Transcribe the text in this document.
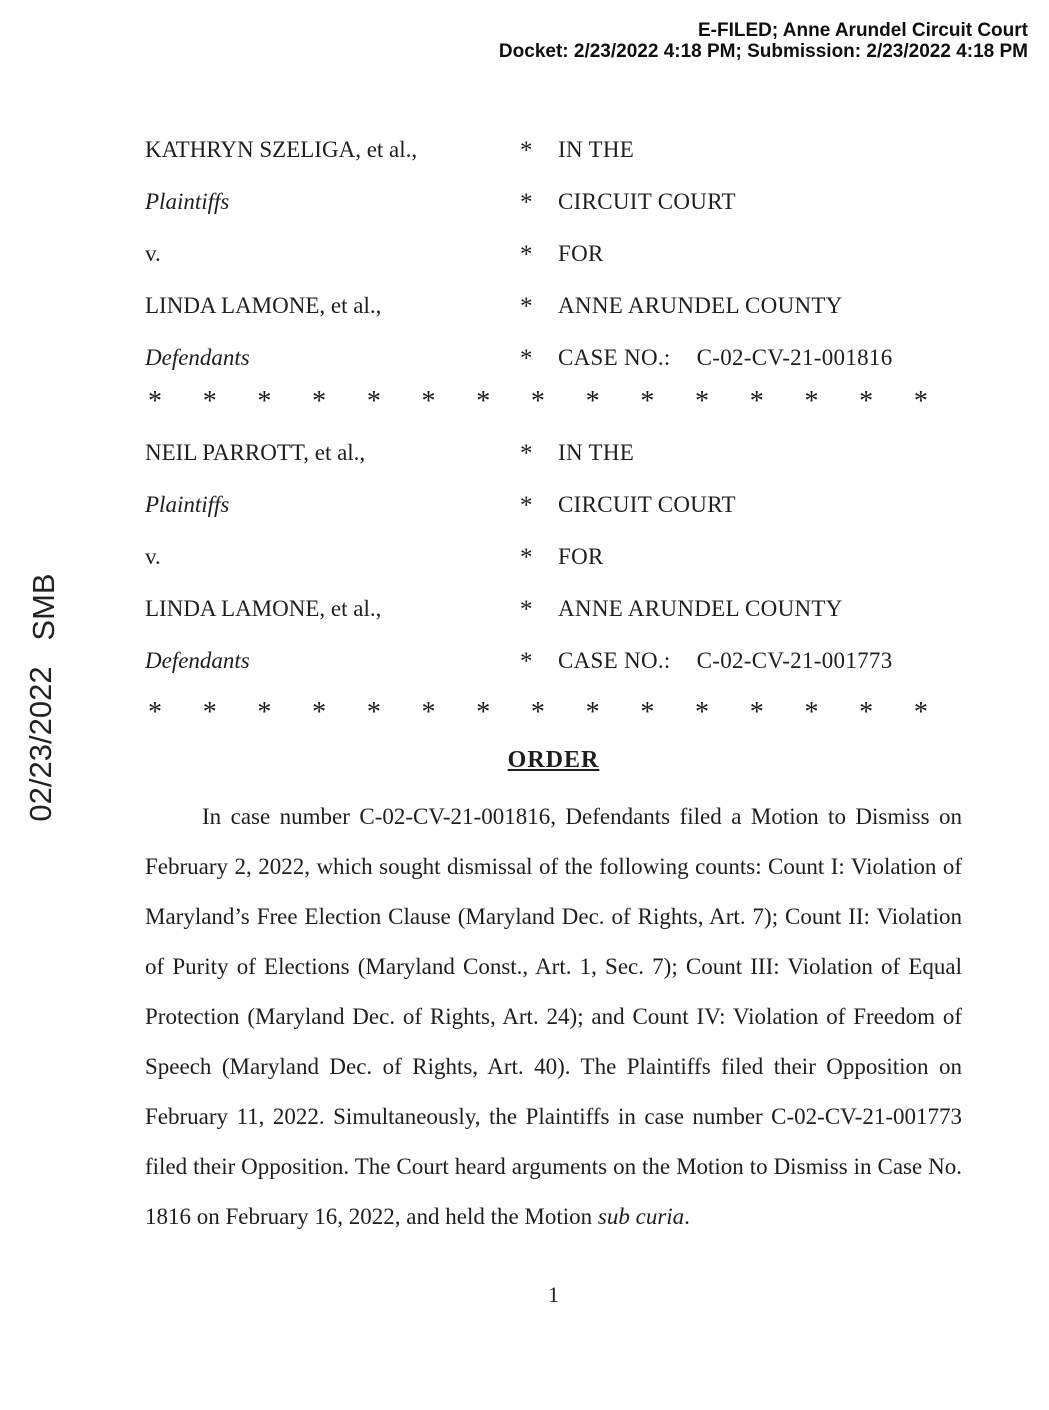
E-FILED; Anne Arundel Circuit Court
Docket: 2/23/2022 4:18 PM; Submission: 2/23/2022 4:18 PM
SMB
02/23/2022
KATHRYN SZELIGA, et al.,	*	IN THE
Plaintiffs	*	CIRCUIT COURT
v.	*	FOR
LINDA LAMONE, et al.,	*	ANNE ARUNDEL COUNTY
Defendants	*	CASE NO.: C-02-CV-21-001816
* * * * * * * * * * * * * * *
NEIL PARROTT, et al.,	*	IN THE
Plaintiffs	*	CIRCUIT COURT
v.	*	FOR
LINDA LAMONE, et al.,	*	ANNE ARUNDEL COUNTY
Defendants	*	CASE NO.: C-02-CV-21-001773
* * * * * * * * * * * * * * *
ORDER
In case number C-02-CV-21-001816, Defendants filed a Motion to Dismiss on February 2, 2022, which sought dismissal of the following counts: Count I: Violation of Maryland’s Free Election Clause (Maryland Dec. of Rights, Art. 7); Count II: Violation of Purity of Elections (Maryland Const., Art. 1, Sec. 7); Count III: Violation of Equal Protection (Maryland Dec. of Rights, Art. 24); and Count IV: Violation of Freedom of Speech (Maryland Dec. of Rights, Art. 40). The Plaintiffs filed their Opposition on February 11, 2022. Simultaneously, the Plaintiffs in case number C-02-CV-21-001773 filed their Opposition. The Court heard arguments on the Motion to Dismiss in Case No. 1816 on February 16, 2022, and held the Motion sub curia.
1
